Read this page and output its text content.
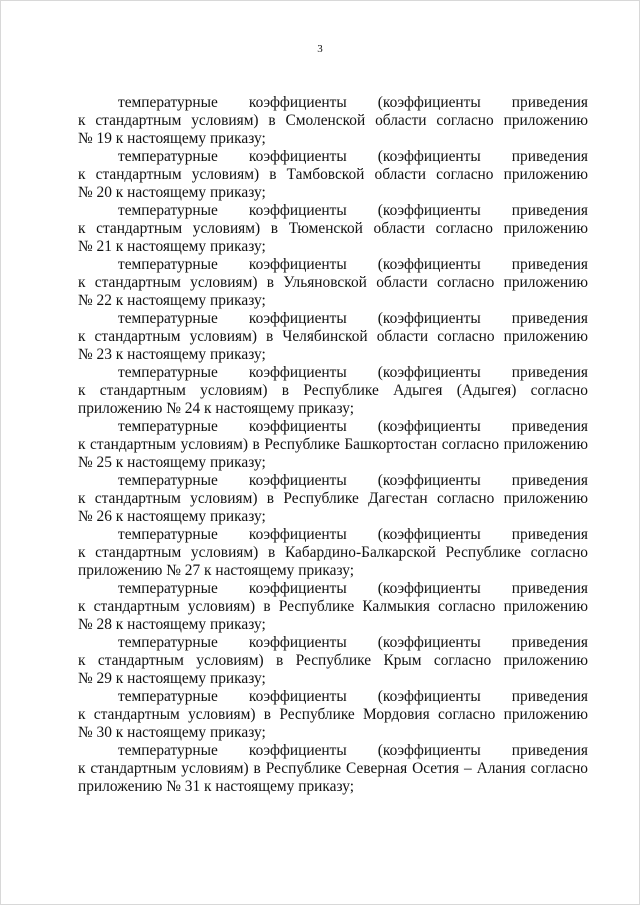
3
температурные коэффициенты (коэффициенты приведения
к стандартным условиям) в Смоленской области согласно приложению
№ 19 к настоящему приказу;
температурные коэффициенты (коэффициенты приведения
к стандартным условиям) в Тамбовской области согласно приложению
№ 20 к настоящему приказу;
температурные коэффициенты (коэффициенты приведения
к стандартным условиям) в Тюменской области согласно приложению
№ 21 к настоящему приказу;
температурные коэффициенты (коэффициенты приведения
к стандартным условиям) в Ульяновской области согласно приложению
№ 22 к настоящему приказу;
температурные коэффициенты (коэффициенты приведения
к стандартным условиям) в Челябинской области согласно приложению
№ 23 к настоящему приказу;
температурные коэффициенты (коэффициенты приведения
к стандартным условиям) в Республике Адыгея (Адыгея) согласно
приложению № 24 к настоящему приказу;
температурные коэффициенты (коэффициенты приведения
к стандартным условиям) в Республике Башкортостан согласно приложению
№ 25 к настоящему приказу;
температурные коэффициенты (коэффициенты приведения
к стандартным условиям) в Республике Дагестан согласно приложению
№ 26 к настоящему приказу;
температурные коэффициенты (коэффициенты приведения
к стандартным условиям) в Кабардино-Балкарской Республике согласно
приложению № 27 к настоящему приказу;
температурные коэффициенты (коэффициенты приведения
к стандартным условиям) в Республике Калмыкия согласно приложению
№ 28 к настоящему приказу;
температурные коэффициенты (коэффициенты приведения
к стандартным условиям) в Республике Крым согласно приложению
№ 29 к настоящему приказу;
температурные коэффициенты (коэффициенты приведения
к стандартным условиям) в Республике Мордовия согласно приложению
№ 30 к настоящему приказу;
температурные коэффициенты (коэффициенты приведения
к стандартным условиям) в Республике Северная Осетия – Алания согласно
приложению № 31 к настоящему приказу;
